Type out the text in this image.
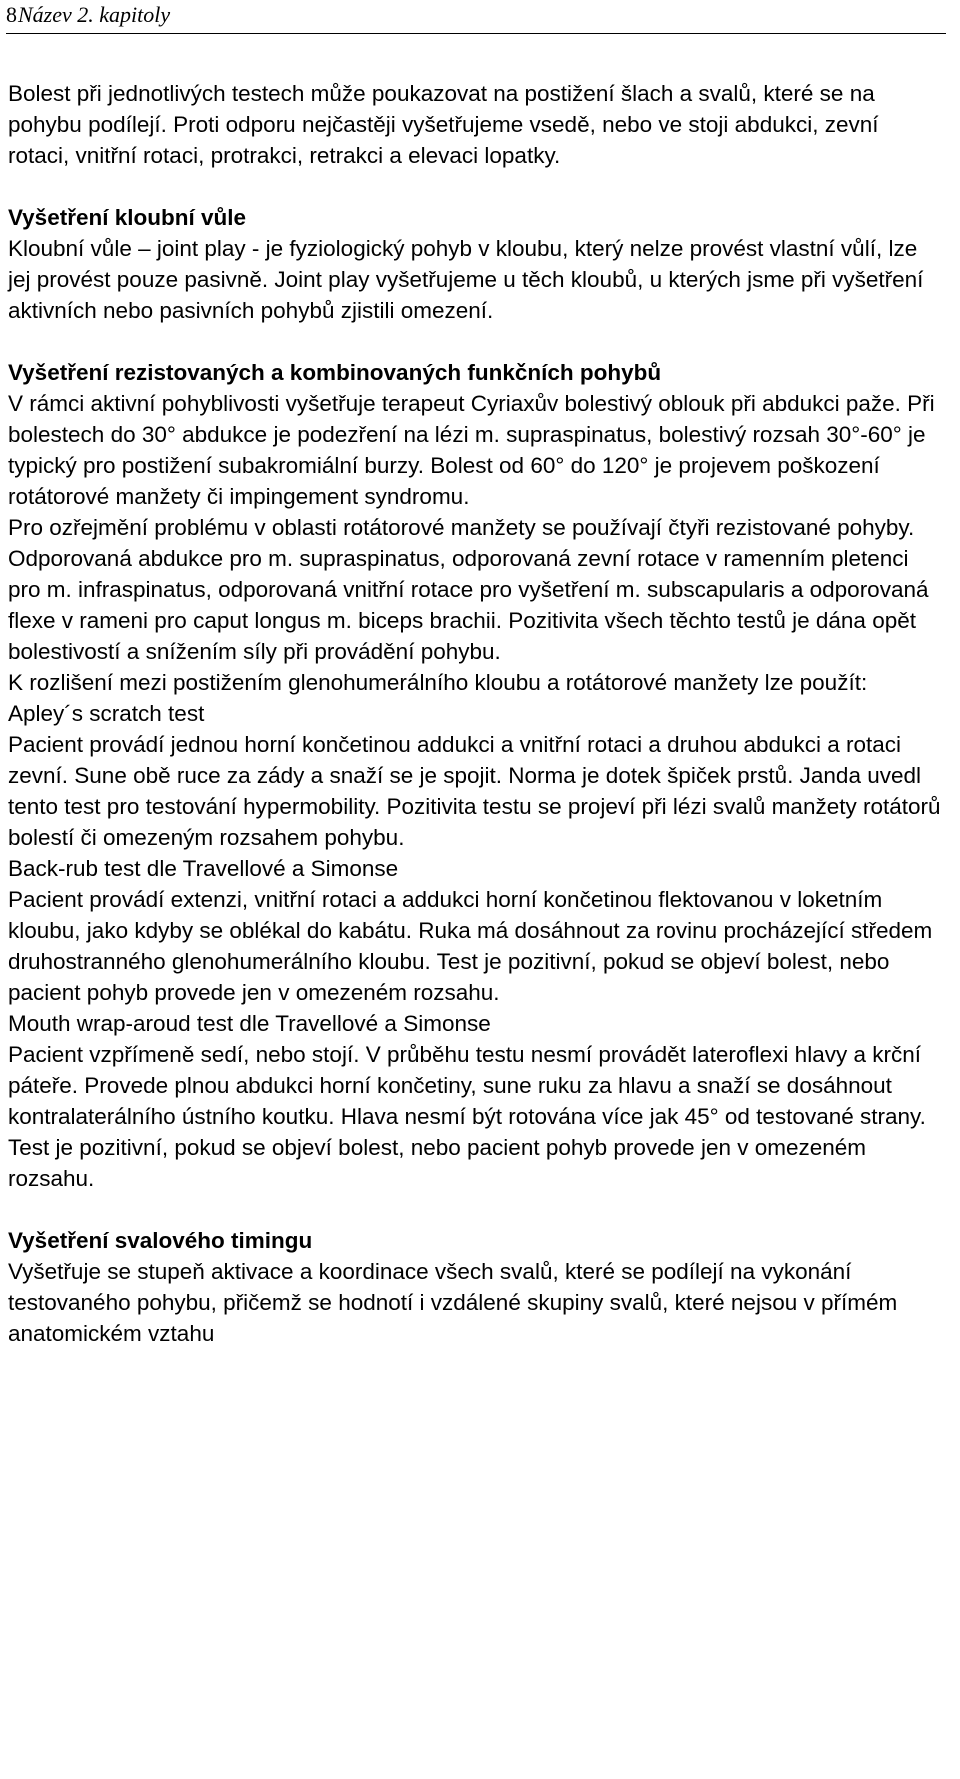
8 Název 2. kapitoly

Bolest při jednotlivých testech může poukazovat na postižení šlach a svalů, které se na pohybu podílejí. Proti odporu nejčastěji vyšetřujeme vsedě, nebo ve stoji abdukci, zevní rotaci, vnitřní rotaci, protrakci, retrakci a elevaci lopatky.

Vyšetření kloubní vůle

Kloubní vůle – joint play - je fyziologický pohyb v kloubu, který nelze provést vlastní vůlí, lze jej provést pouze pasivně. Joint play vyšetřujeme u těch kloubů, u kterých jsme při vyšetření aktivních nebo pasivních pohybů zjistili omezení.

Vyšetření rezistovaných a kombinovaných funkčních pohybů

V rámci aktivní pohyblivosti vyšetřuje terapeut Cyriaxův bolestivý oblouk při abdukci paže. Při bolestech do 30° abdukce je podezření na lézi m. supraspinatus, bolestivý rozsah 30°-60° je typický pro postižení subakromiální burzy. Bolest od 60° do 120° je projevem poškození rotátorové manžety či impingement syndromu.

Pro ozřejmění problému v oblasti rotátorové manžety se používají čtyři rezistované pohyby. Odporovaná abdukce pro m. supraspinatus, odporovaná zevní rotace v ramenním pletenci pro m. infraspinatus, odporovaná vnitřní rotace pro vyšetření m. subscapularis a odporovaná flexe v rameni pro caput longus m. biceps brachii. Pozitivita všech těchto testů je dána opět bolestivostí a snížením síly při provádění pohybu.

K rozlišení mezi postižením glenohumerálního kloubu a rotátorové manžety lze použít:

Apley´s scratch test

Pacient provádí jednou horní končetinou addukci a vnitřní rotaci a druhou abdukci a rotaci zevní. Sune obě ruce za zády a snaží se je spojit. Norma je dotek špiček prstů. Janda uvedl tento test pro testování hypermobility. Pozitivita testu se projeví při lézi svalů manžety rotátorů bolestí či omezeným rozsahem pohybu.

Back-rub test dle Travellové a Simonse

Pacient provádí extenzi, vnitřní rotaci a addukci horní končetinou flektovanou v loketním kloubu, jako kdyby se oblékal do kabátu. Ruka má dosáhnout za rovinu procházející středem druhostranného glenohumerálního kloubu. Test je pozitivní, pokud se objeví bolest, nebo pacient pohyb provede jen v omezeném rozsahu.

Mouth wrap-aroud test dle Travellové a Simonse

Pacient vzpřímeně sedí, nebo stojí. V průběhu testu nesmí provádět lateroflexi hlavy a krční páteře. Provede plnou abdukci horní končetiny, sune ruku za hlavu a snaží se dosáhnout kontralaterálního ústního koutku. Hlava nesmí být rotována více jak 45° od testované strany. Test je pozitivní, pokud se objeví bolest, nebo pacient pohyb provede jen v omezeném rozsahu.

Vyšetření svalového timingu

Vyšetřuje se stupeň aktivace a koordinace všech svalů, které se podílejí na vykonání testovaného pohybu, přičemž se hodnotí i vzdálené skupiny svalů, které nejsou v přímém anatomickém vztahu
